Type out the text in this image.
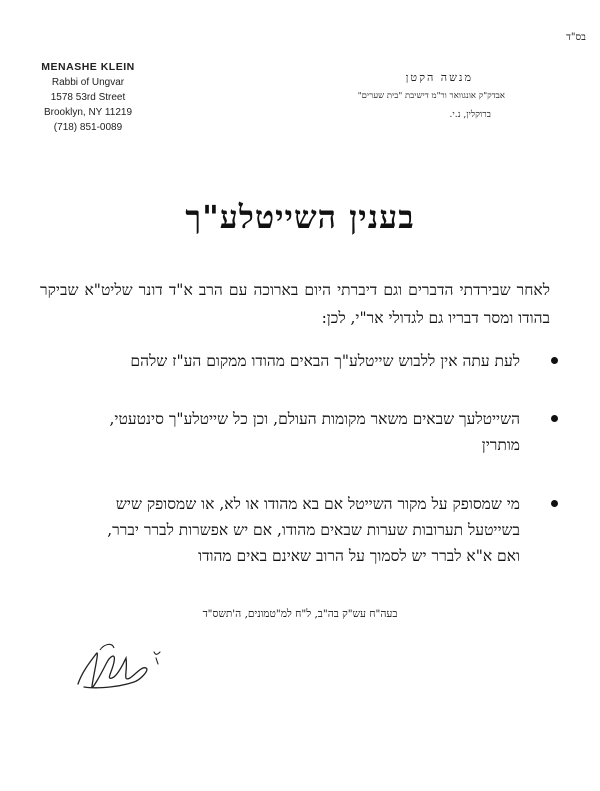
בס"ד
MENASHE KLEIN
Rabbi of Ungvar
1578 53rd Street
Brooklyn, NY 11219
(718) 851-0089
מנשה הקטן
אבדק"ק אונגוואר ור"מ דישיבת "בית שערים"
ברוקלין, נ.י.
בענין השייטלע"ך
לאחר שבירדתי הדברים וגם דיברתי היום בארוכה עם הרב א"ד דונר שליט"א שביקר בהודו ומסר דבריו גם לגדולי אר"י, לכן:
לעת עתה אין ללבוש שייטלע"ך הבאים מהודו ממקום הע"ז שלהם
השייטלעך שבאים משאר מקומות העולם, וכן כל שייטלע"ך סינטעטי, מותרין
מי שמסופק על מקור השייטל אם בא מהודו או לא, או שמסופק שיש בשייטעל תערובות שערות שבאים מהודו, אם יש אפשרות לברר יברר, ואם א"א לברר יש לסמוך על הרוב שאינם באים מהודו
בעה"ח עש"ק בה"ב, ל"ח למ"טמונים, ה'תשס"ד
